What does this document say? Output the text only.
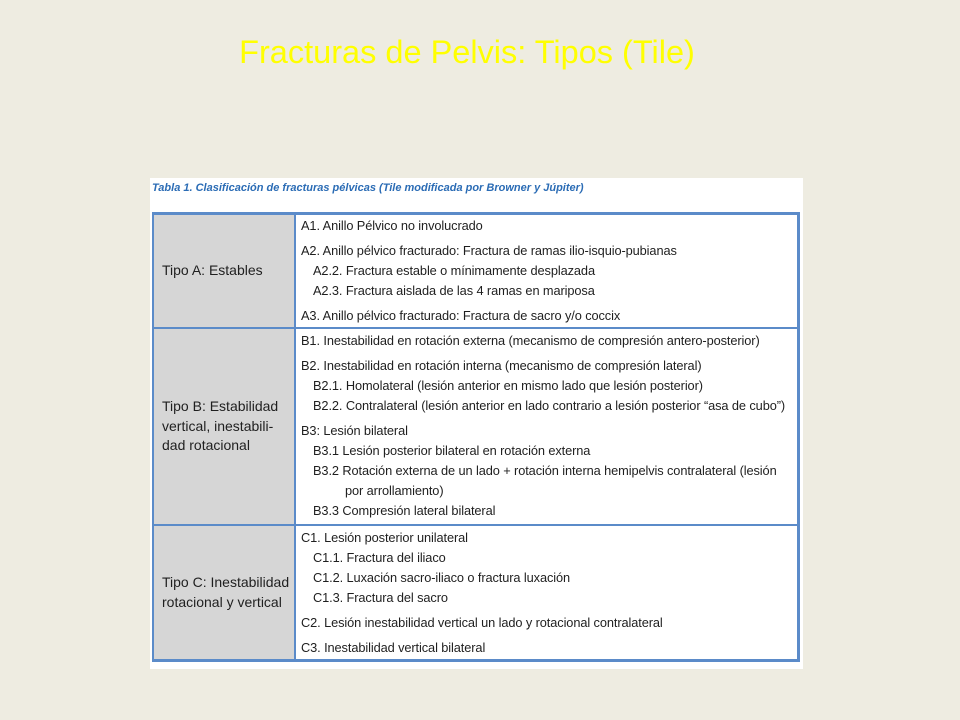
Fracturas de Pelvis: Tipos (Tile)
Tabla 1. Clasificación de fracturas pélvicas (Tile modificada por Browner y Júpiter)
Tipo A: Estables
A1. Anillo Pélvico no involucrado
A2. Anillo pélvico fracturado: Fractura de ramas ilio-isquio-pubianas
A2.2. Fractura estable o mínimamente desplazada
A2.3. Fractura aislada de las 4 ramas en mariposa
A3. Anillo pélvico fracturado: Fractura de sacro y/o coccix
Tipo B: Estabilidad
vertical, inestabili-
dad rotacional
B1. Inestabilidad en rotación externa (mecanismo de compresión antero-posterior)
B2. Inestabilidad en rotación interna (mecanismo de compresión lateral)
B2.1. Homolateral (lesión anterior en mismo lado que lesión posterior)
B2.2. Contralateral (lesión anterior en lado contrario a lesión posterior “asa de cubo”)
B3: Lesión bilateral
B3.1 Lesión posterior bilateral en rotación externa
B3.2 Rotación externa de un lado + rotación interna hemipelvis contralateral (lesión
por arrollamiento)
B3.3 Compresión lateral bilateral
Tipo C: Inestabilidad
rotacional y vertical
C1. Lesión posterior unilateral
C1.1. Fractura del iliaco
C1.2. Luxación sacro-iliaco o fractura luxación
C1.3. Fractura del sacro
C2. Lesión inestabilidad vertical un lado y rotacional contralateral
C3. Inestabilidad vertical bilateral
